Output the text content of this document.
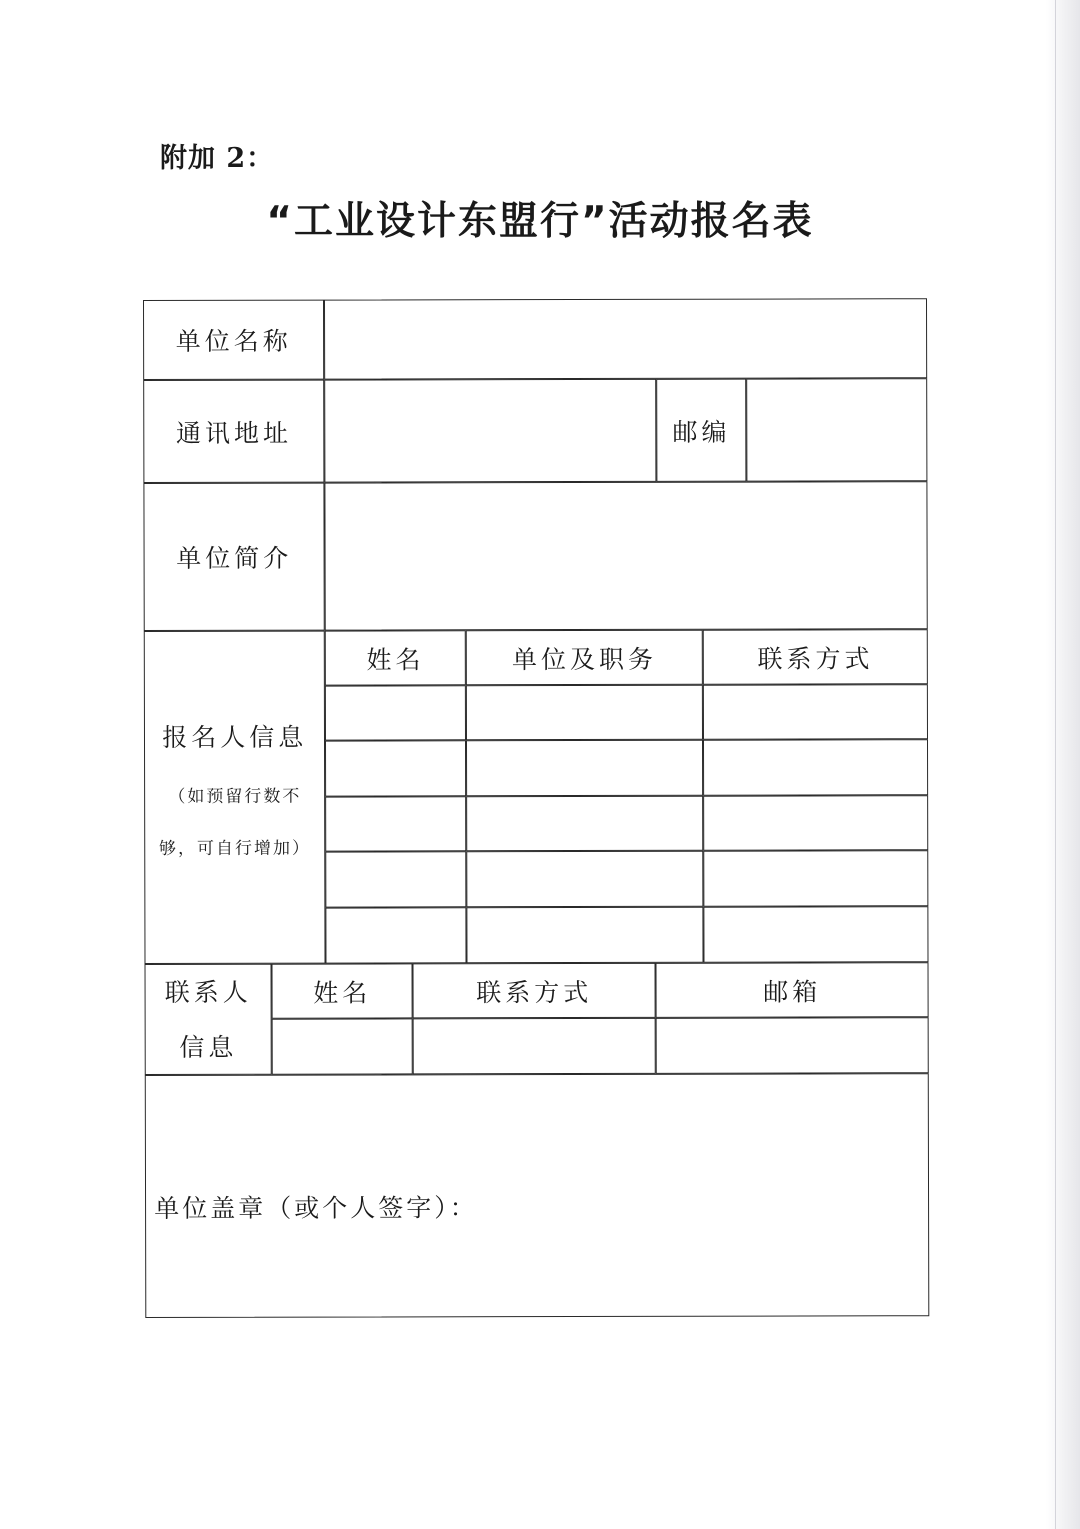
附加 2：
“工业设计东盟行”活动报名表
单位名称
通讯地址	邮编
单位简介
报名人信息
（如预留行数不
够，可自行增加）
姓名	单位及职务	联系方式
联系人
信息
姓名	联系方式	邮箱
单位盖章（或个人签字）：
